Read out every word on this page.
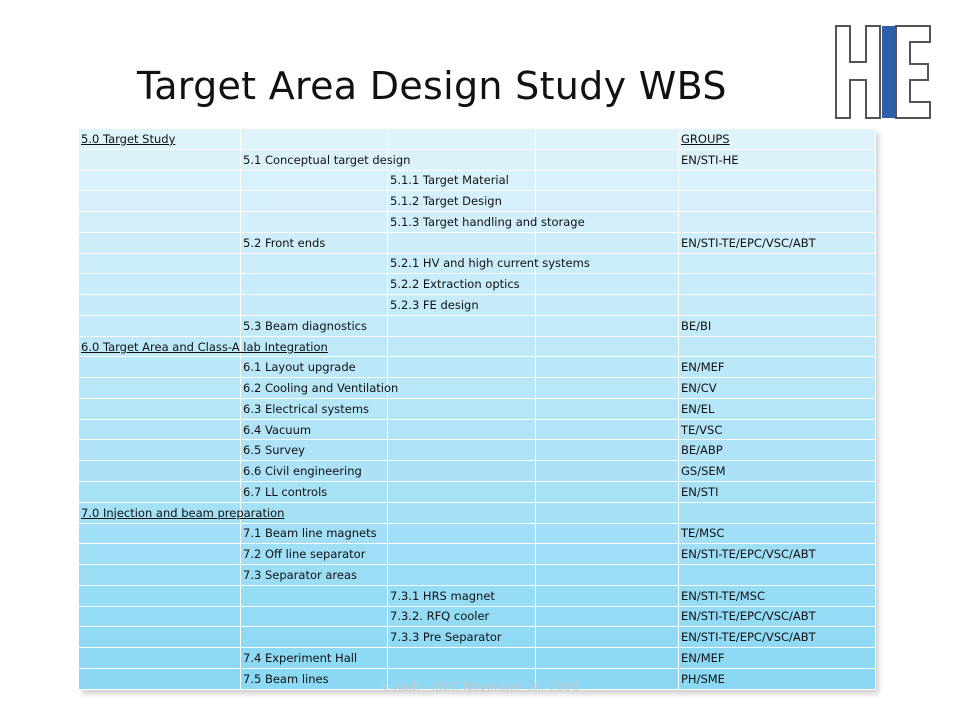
Target Area Design Study WBS
5.0 Target Study				GROUPS
	5.1 Conceptual target design			EN/STI-HE
		5.1.1 Target Material		
		5.1.2 Target Design		
		5.1.3 Target handling and storage		
	5.2 Front ends			EN/STI-TE/EPC/VSC/ABT
		5.2.1 HV and high current systems		
		5.2.2 Extraction optics		
		5.2.3 FE design		
	5.3 Beam diagnostics			BE/BI
6.0 Target Area and Class-A lab Integration				
	6.1 Layout upgrade			EN/MEF
	6.2 Cooling and Ventilation			EN/CV
	6.3 Electrical systems			EN/EL
	6.4 Vacuum			TE/VSC
	6.5 Survey			BE/ABP
	6.6 Civil engineering			GS/SEM
	6.7 LL controls			EN/STI
7.0 Injection and beam preparation				
	7.1 Beam line magnets			TE/MSC
	7.2 Off line separator			EN/STI-TE/EPC/VSC/ABT
	7.3 Separator areas			
		7.3.1 HRS magnet		EN/STI-TE/MSC
		7.3.2. RFQ cooler		EN/STI-TE/EPC/VSC/ABT
		7.3.3 Pre Separator		EN/STI-TE/EPC/VSC/ABT
	7.4 Experiment Hall			EN/MEF
	7.5 Beam lines			PH/SME
Y. Kadi - ISCC Novenber 16, 2009
